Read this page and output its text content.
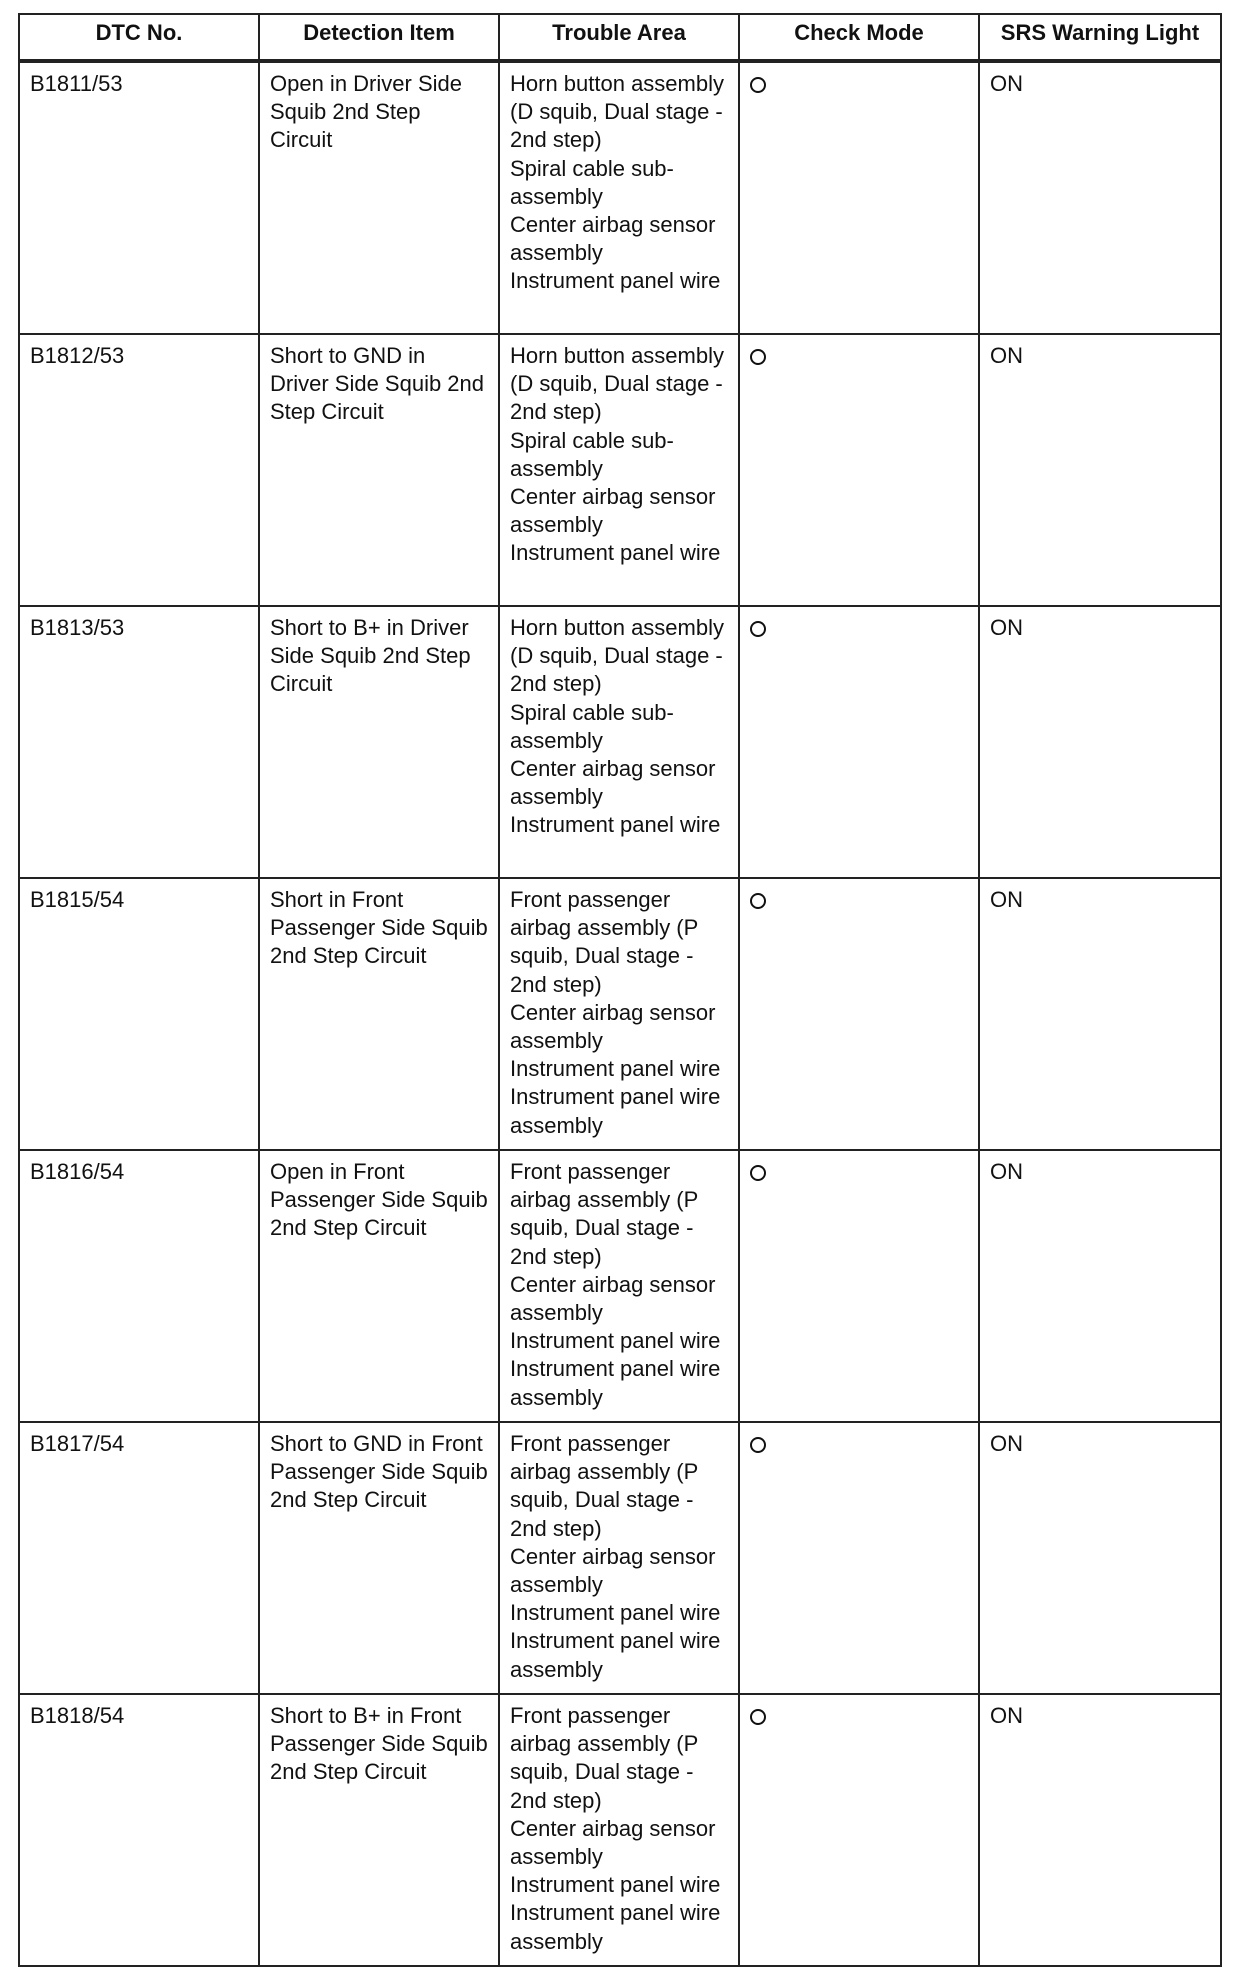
DTC No.	Detection Item	Trouble Area	Check Mode	SRS Warning Light
B1811/53	Open in Driver Side Squib 2nd Step Circuit	Horn button assembly (D squib, Dual stage - 2nd step)
Spiral cable sub-assembly
Center airbag sensor assembly
Instrument panel wire		ON
B1812/53	Short to GND in Driver Side Squib 2nd Step Circuit	Horn button assembly (D squib, Dual stage - 2nd step)
Spiral cable sub-assembly
Center airbag sensor assembly
Instrument panel wire		ON
B1813/53	Short to B+ in Driver Side Squib 2nd Step Circuit	Horn button assembly (D squib, Dual stage - 2nd step)
Spiral cable sub-assembly
Center airbag sensor assembly
Instrument panel wire		ON
B1815/54	Short in Front Passenger Side Squib 2nd Step Circuit	Front passenger airbag assembly (P squib, Dual stage - 2nd step)
Center airbag sensor assembly
Instrument panel wire
Instrument panel wire assembly		ON
B1816/54	Open in Front Passenger Side Squib 2nd Step Circuit	Front passenger airbag assembly (P squib, Dual stage - 2nd step)
Center airbag sensor assembly
Instrument panel wire
Instrument panel wire assembly		ON
B1817/54	Short to GND in Front Passenger Side Squib 2nd Step Circuit	Front passenger airbag assembly (P squib, Dual stage - 2nd step)
Center airbag sensor assembly
Instrument panel wire
Instrument panel wire assembly		ON
B1818/54	Short to B+ in Front Passenger Side Squib 2nd Step Circuit	Front passenger airbag assembly (P squib, Dual stage - 2nd step)
Center airbag sensor assembly
Instrument panel wire
Instrument panel wire assembly		ON
